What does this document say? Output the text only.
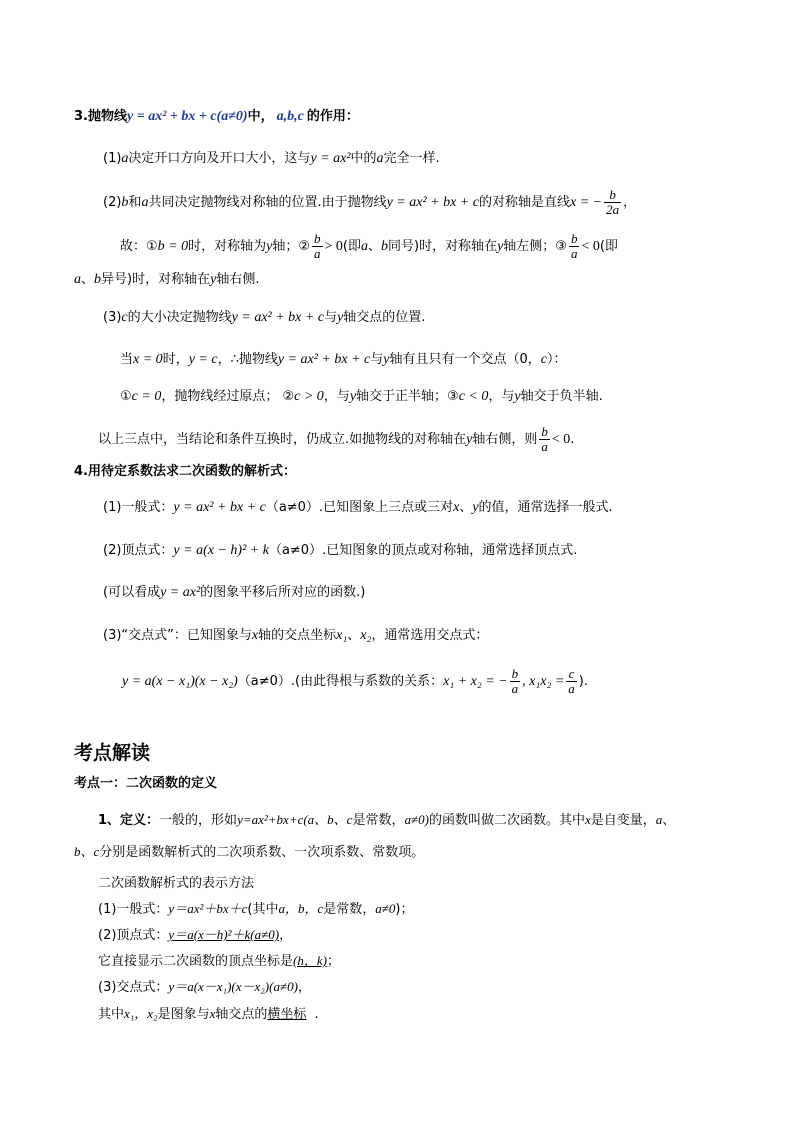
3.抛物线y = ax² + bx + c(a≠0)中， a,b,c 的作用：
(1)a决定开口方向及开口大小，这与y = ax²中的a完全一样.
(2)b和a共同决定抛物线对称轴的位置.由于抛物线y = ax² + bx + c的对称轴是直线x = − $\frac{b}{2a}$ ，
故：①b = 0时，对称轴为y轴；② $\frac{b}{a} > 0$(即a、b同号)时，对称轴在y轴左侧；③ $\frac{b}{a} < 0$(即
a、b异号)时，对称轴在y轴右侧.
(3)c的大小决定抛物线y = ax² + bx + c与y轴交点的位置.
当x = 0时，y = c，∴抛物线y = ax² + bx + c与y轴有且只有一个交点（0，c）：
①c = 0，抛物线经过原点； ②c > 0，与y轴交于正半轴；③c < 0，与y轴交于负半轴.
以上三点中，当结论和条件互换时，仍成立.如抛物线的对称轴在y轴右侧，则 $\frac{b}{a} < 0$.
4.用待定系数法求二次函数的解析式：
(1)一般式：y = ax² + bx + c（a≠0）.已知图象上三点或三对x、y的值，通常选择一般式.
(2)顶点式：y = a(x − h)² + k（a≠0）.已知图象的顶点或对称轴，通常选择顶点式.
(可以看成y = ax²的图象平移后所对应的函数.)
(3)“交点式”：已知图象与x轴的交点坐标x₁、x₂，通常选用交点式：
y = a(x − x₁)(x − x₂)（a≠0）.(由此得根与系数的关系：x₁ + x₂ = − $\frac{b}{a}$ , $x_1x_2 = \frac{c}{a}$ ).
考点解读
考点一：二次函数的定义
1、定义：一般的，形如y=ax²+bx+c(a、b、c是常数，a≠0)的函数叫做二次函数。其中x是自变量，a、
b、c分别是函数解析式的二次项系数、一次项系数、常数项。
二次函数解析式的表示方法
(1)一般式：y＝ax²＋bx＋c(其中a，b，c是常数，a≠0)；
(2)顶点式：y＝a(x－h)²＋k(a≠0)，
它直接显示二次函数的顶点坐标是(h，k)；
(3)交点式：y＝a(x－x₁)(x－x₂)(a≠0)，
其中x₁，x₂是图象与x轴交点的横坐标 .
